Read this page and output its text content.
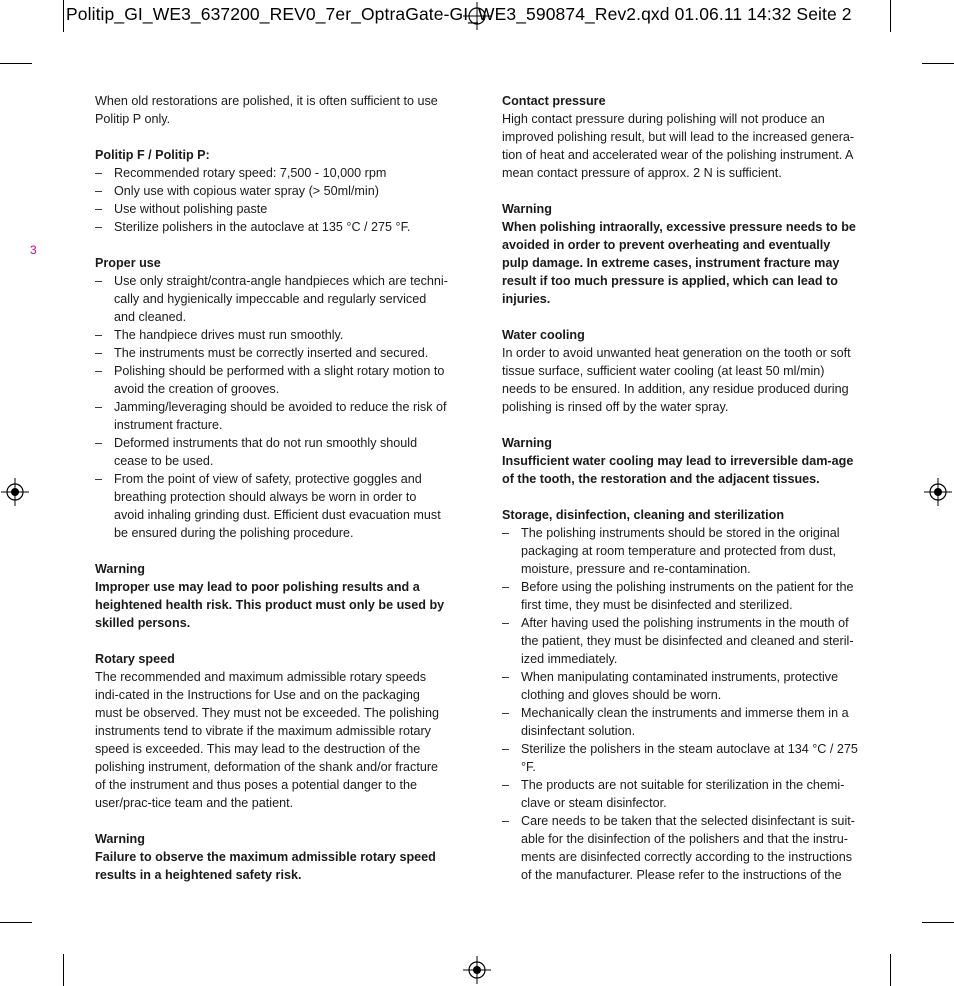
Politip_GI_WE3_637200_REV0_7er_OptraGate-GI_WE3_590874_Rev2.qxd 01.06.11 14:32 Seite 2
3

When old restorations are polished, it is often sufficient to use Politip P only.

Politip F / Politip P:

– Recommended rotary speed: 7,500 - 10,000 rpm
– Only use with copious water spray (> 50ml/min)
– Use without polishing paste
– Sterilize polishers in the autoclave at 135 °C / 275 °F.

Proper use

– Use only straight/contra-angle handpieces which are techni-cally and hygienically impeccable and regularly serviced and cleaned.
– The handpiece drives must run smoothly.
– The instruments must be correctly inserted and secured.
– Polishing should be performed with a slight rotary motion to avoid the creation of grooves.
– Jamming/leveraging should be avoided to reduce the risk of instrument fracture.
– Deformed instruments that do not run smoothly should cease to be used.
– From the point of view of safety, protective goggles and breathing protection should always be worn in order to avoid inhaling grinding dust. Efficient dust evacuation must be ensured during the polishing procedure.

Warning

Improper use may lead to poor polishing results and a heightened health risk. This product must only be used by skilled persons.

Rotary speed

The recommended and maximum admissible rotary speeds indi-cated in the Instructions for Use and on the packaging must be observed. They must not be exceeded. The polishing instruments tend to vibrate if the maximum admissible rotary speed is exceeded. This may lead to the destruction of the polishing instrument, deformation of the shank and/or fracture of the instrument and thus poses a potential danger to the user/prac-tice team and the patient.

Warning

Failure to observe the maximum admissible rotary speed results in a heightened safety risk.

Contact pressure

High contact pressure during polishing will not produce an improved polishing result, but will lead to the increased genera-tion of heat and accelerated wear of the polishing instrument. A mean contact pressure of approx. 2 N is sufficient.

Warning

When polishing intraorally, excessive pressure needs to be avoided in order to prevent overheating and eventually pulp damage. In extreme cases, instrument fracture may result if too much pressure is applied, which can lead to injuries.

Water cooling

In order to avoid unwanted heat generation on the tooth or soft tissue surface, sufficient water cooling (at least 50 ml/min) needs to be ensured. In addition, any residue produced during polishing is rinsed off by the water spray.

Warning

Insufficient water cooling may lead to irreversible dam-age of the tooth, the restoration and the adjacent tissues.

Storage, disinfection, cleaning and sterilization

– The polishing instruments should be stored in the original packaging at room temperature and protected from dust, moisture, pressure and re-contamination.
– Before using the polishing instruments on the patient for the first time, they must be disinfected and sterilized.
– After having used the polishing instruments in the mouth of the patient, they must be disinfected and cleaned and steril-ized immediately.
– When manipulating contaminated instruments, protective clothing and gloves should be worn.
– Mechanically clean the instruments and immerse them in a disinfectant solution.
– Sterilize the polishers in the steam autoclave at 134 °C / 275 °F.
– The products are not suitable for sterilization in the chemi-clave or steam disinfector.
– Care needs to be taken that the selected disinfectant is suit-able for the disinfection of the polishers and that the instru-ments are disinfected correctly according to the instructions of the manufacturer. Please refer to the instructions of the
